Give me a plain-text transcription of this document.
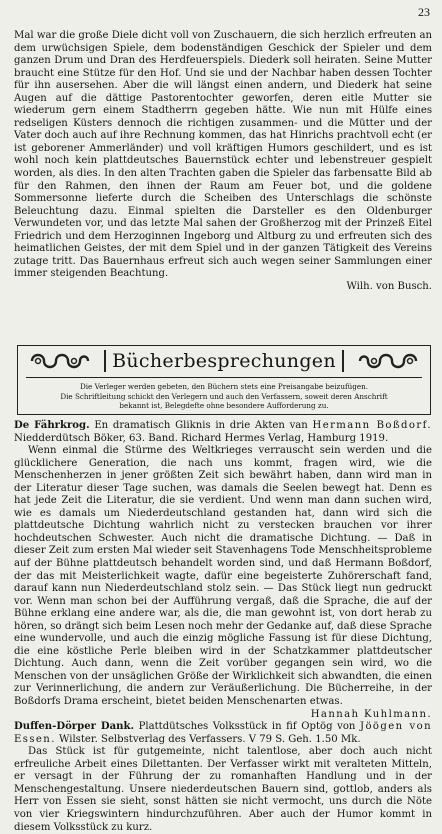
23
Mal war die große Diele dicht voll von Zuschauern, die sich herzlich erfreuten an dem urwüchsigen Spiele, dem bodenständigen Geschick der Spieler und dem ganzen Drum und Dran des Herdfeuerspiels. Diederk soll heiraten. Seine Mutter braucht eine Stütze für den Hof. Und sie und der Nachbar haben dessen Tochter für ihn ausersehen. Aber die will längst einen andern, und Diederk hat seine Augen auf die dättige Pastorentochter geworfen, deren eitle Mutter sie wiederum gern einem Stadtherrn gegeben hätte. Wie nun mit Hülfe eines redseligen Küsters dennoch die richtigen zusammen- und die Mütter und der Vater doch auch auf ihre Rechnung kommen, das hat Hinrichs prachtvoll echt (er ist geborener Ammerländer) und voll kräftigen Humors geschildert, und es ist wohl noch kein plattdeutsches Bauernstück echter und lebenstreuer gespielt worden, als dies. In den alten Trachten gaben die Spieler das farbensatte Bild ab für den Rahmen, den ihnen der Raum am Feuer bot, und die goldene Sommersonne lieferte durch die Scheiben des Unterschlags die schönste Beleuchtung dazu. Einmal spielten die Darsteller es den Oldenburger Verwundeten vor, und das letzte Mal sahen der Großherzog mit der Prinzeß Eitel Friedrich und dem Herzoginnen Ingeborg und Altburg zu und erfreuten sich des heimatlichen Geistes, der mit dem Spiel und in der ganzen Tätigkeit des Vereins zutage tritt. Das Bauernhaus erfreut sich auch wegen seiner Sammlungen einer immer steigenden Beachtung.
Wilh. von Busch.
Bücherbesprechungen
Die Verleger werden gebeten, den Büchern stets eine Preisangabe beizufügen.
Die Schriftleitung schickt den Verlegern und auch den Verfassern, soweit deren Anschrift
bekannt ist, Belegdefte ohne besondere Aufforderung zu.
De Fährkrog. En dramatisch Gliknis in drie Akten van Hermann Boßdorf. Niedderdütsch Böker, 63. Band. Richard Hermes Verlag, Hamburg 1919.
Wenn einmal die Stürme des Weltkrieges verrauscht sein werden und die glücklichere Generation, die nach uns kommt, fragen wird, wie die Menschenherzen in jener größten Zeit sich bewährt haben, dann wird man in der Literatur dieser Tage suchen, was damals die Seelen bewegt hat. Denn es hat jede Zeit die Literatur, die sie verdient. Und wenn man dann suchen wird, wie es damals um Niederdeutschland gestanden hat, dann wird sich die plattdeutsche Dichtung wahrlich nicht zu verstecken brauchen vor ihrer hochdeutschen Schwester. Auch nicht die dramatische Dichtung. — Daß in dieser Zeit zum ersten Mal wieder seit Stavenhagens Tode Menschheitsprobleme auf der Bühne plattdeutsch behandelt worden sind, und daß Hermann Boßdorf, der das mit Meisterlichkeit wagte, dafür eine begeisterte Zuhörerschaft fand, darauf kann nun Niederdeutschland stolz sein. — Das Stück liegt nun gedruckt vor. Wenn man schon bei der Aufführung vergaß, daß die Sprache, die auf der Bühne erklang eine andere war, als die, die man gewohnt ist, von dort herab zu hören, so drängt sich beim Lesen noch mehr der Gedanke auf, daß diese Sprache eine wundervolle, und auch die einzig mögliche Fassung ist für diese Dichtung, die eine köstliche Perle bleiben wird in der Schatzkammer plattdeutscher Dichtung. Auch dann, wenn die Zeit vorüber gegangen sein wird, wo die Menschen von der unsäglichen Größe der Wirklichkeit sich abwandten, die einen zur Verinnerlichung, die andern zur Veräußerlichung. Die Bücherreihe, in der Boßdorfs Drama erscheint, bietet beiden Menschenarten etwas.
Hannah Kuhlmann.
Duffen-Dörper Dank. Plattdütsches Volksstück in fif Optög von Jöögen von Essen. Wilster. Selbstverlag des Verfassers. V 79 S. Geh. 1.50 Mk.
Das Stück ist für gutgemeinte, nicht talentlose, aber doch auch nicht erfreuliche Arbeit eines Dilettanten. Der Verfasser wirkt mit veralteten Mitteln, er versagt in der Führung der zu romanhaften Handlung und in der Menschengestaltung. Unsere niederdeutschen Bauern sind, gottlob, anders als Herr von Essen sie sieht, sonst hätten sie nicht vermocht, uns durch die Nöte von vier Kriegswintern hindurchzuführen. Aber auch der Humor kommt in diesem Volksstück zu kurz.
